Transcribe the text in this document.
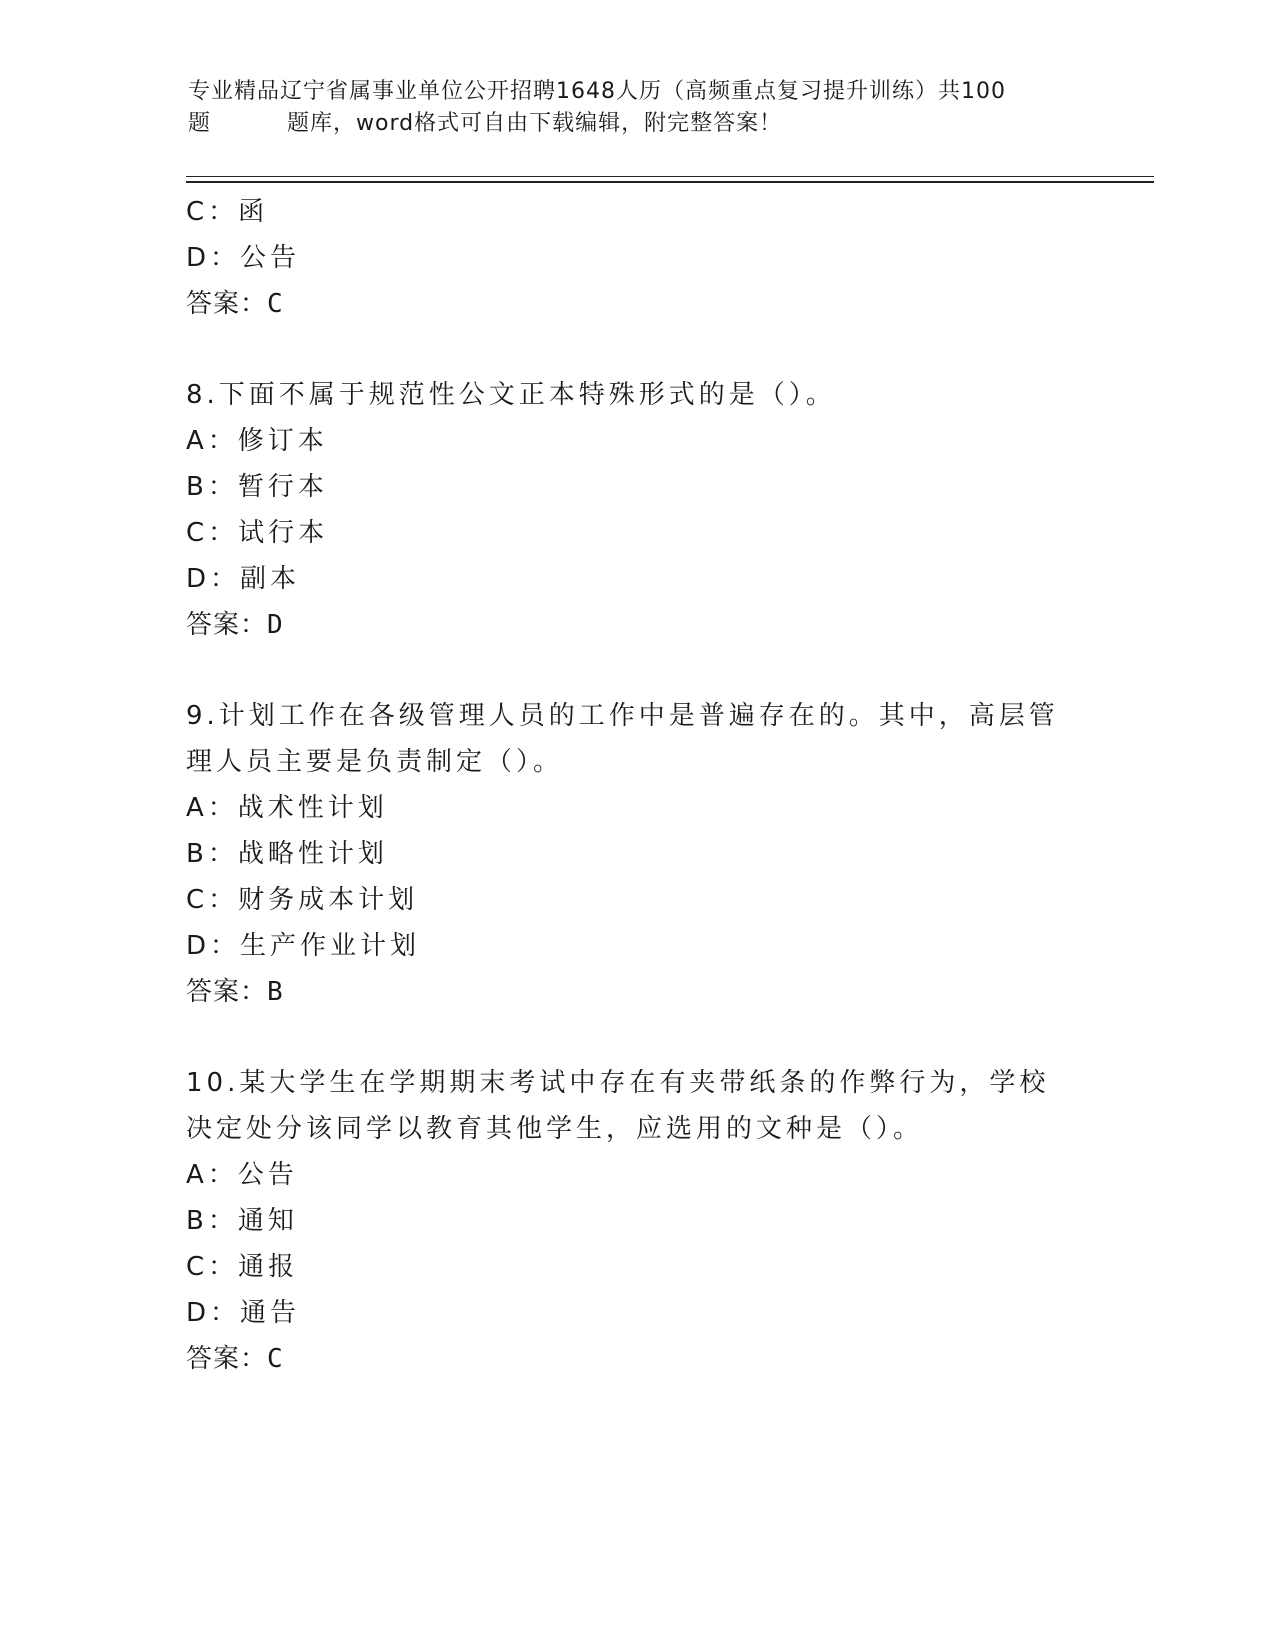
专业精品辽宁省属事业单位公开招聘1648人历（高频重点复习提升训练）共100
题	题库，word格式可自由下载编辑，附完整答案！
C：函
D：公告
答案：C
8.下面不属于规范性公文正本特殊形式的是（）。
A：修订本
B：暂行本
C：试行本
D：副本
答案：D
9.计划工作在各级管理人员的工作中是普遍存在的。其中，高层管理人员主要是负责制定（）。
A：战术性计划
B：战略性计划
C：财务成本计划
D：生产作业计划
答案：B
10.某大学生在学期期末考试中存在有夹带纸条的作弊行为，学校决定处分该同学以教育其他学生，应选用的文种是（）。
A：公告
B：通知
C：通报
D：通告
答案：C
